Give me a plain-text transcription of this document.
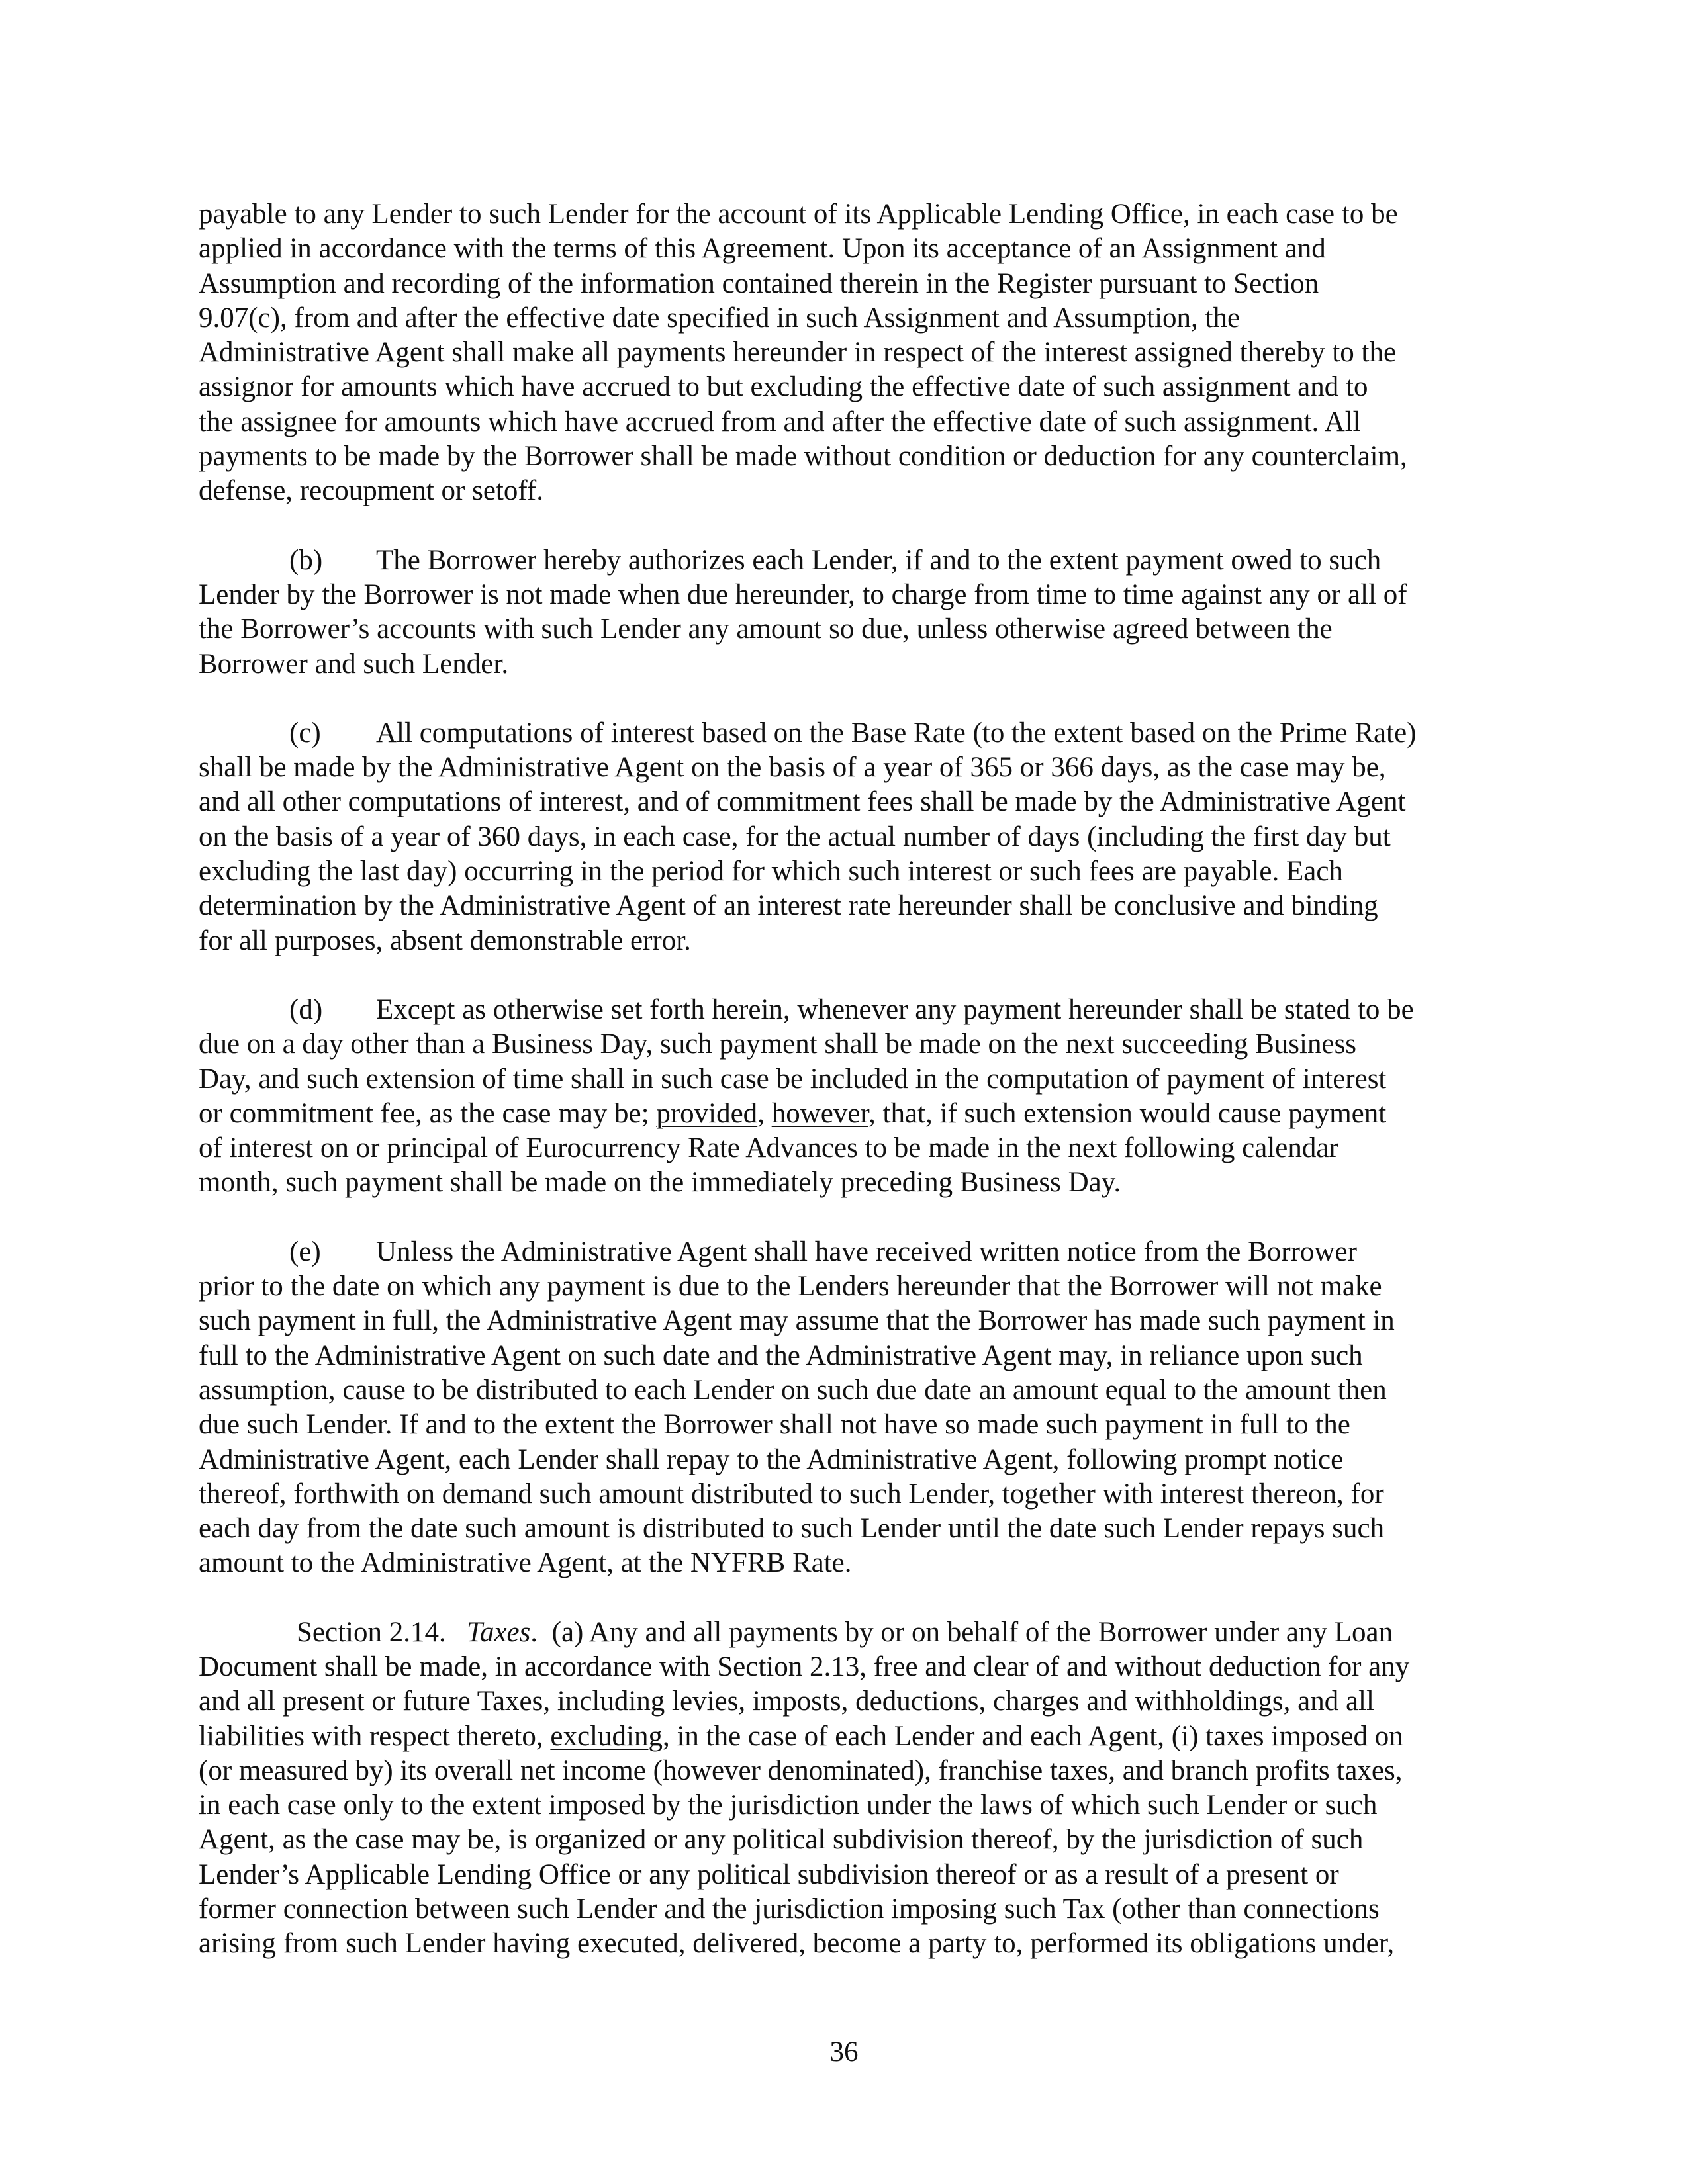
payable to any Lender to such Lender for the account of its Applicable Lending Office, in each case to be
applied in accordance with the terms of this Agreement. Upon its acceptance of an Assignment and
Assumption and recording of the information contained therein in the Register pursuant to Section
9.07(c), from and after the effective date specified in such Assignment and Assumption, the
Administrative Agent shall make all payments hereunder in respect of the interest assigned thereby to the
assignor for amounts which have accrued to but excluding the effective date of such assignment and to
the assignee for amounts which have accrued from and after the effective date of such assignment. All
payments to be made by the Borrower shall be made without condition or deduction for any counterclaim,
defense, recoupment or setoff.

(b) The Borrower hereby authorizes each Lender, if and to the extent payment owed to such
Lender by the Borrower is not made when due hereunder, to charge from time to time against any or all of
the Borrower’s accounts with such Lender any amount so due, unless otherwise agreed between the
Borrower and such Lender.

(c) All computations of interest based on the Base Rate (to the extent based on the Prime Rate)
shall be made by the Administrative Agent on the basis of a year of 365 or 366 days, as the case may be,
and all other computations of interest, and of commitment fees shall be made by the Administrative Agent
on the basis of a year of 360 days, in each case, for the actual number of days (including the first day but
excluding the last day) occurring in the period for which such interest or such fees are payable. Each
determination by the Administrative Agent of an interest rate hereunder shall be conclusive and binding
for all purposes, absent demonstrable error.

(d) Except as otherwise set forth herein, whenever any payment hereunder shall be stated to be
due on a day other than a Business Day, such payment shall be made on the next succeeding Business
Day, and such extension of time shall in such case be included in the computation of payment of interest
or commitment fee, as the case may be; provided, however, that, if such extension would cause payment
of interest on or principal of Eurocurrency Rate Advances to be made in the next following calendar
month, such payment shall be made on the immediately preceding Business Day.

(e) Unless the Administrative Agent shall have received written notice from the Borrower
prior to the date on which any payment is due to the Lenders hereunder that the Borrower will not make
such payment in full, the Administrative Agent may assume that the Borrower has made such payment in
full to the Administrative Agent on such date and the Administrative Agent may, in reliance upon such
assumption, cause to be distributed to each Lender on such due date an amount equal to the amount then
due such Lender. If and to the extent the Borrower shall not have so made such payment in full to the
Administrative Agent, each Lender shall repay to the Administrative Agent, following prompt notice
thereof, forthwith on demand such amount distributed to such Lender, together with interest thereon, for
each day from the date such amount is distributed to such Lender until the date such Lender repays such
amount to the Administrative Agent, at the NYFRB Rate.

Section 2.14. Taxes.  (a) Any and all payments by or on behalf of the Borrower under any Loan
Document shall be made, in accordance with Section 2.13, free and clear of and without deduction for any
and all present or future Taxes, including levies, imposts, deductions, charges and withholdings, and all
liabilities with respect thereto, excluding, in the case of each Lender and each Agent, (i) taxes imposed on
(or measured by) its overall net income (however denominated), franchise taxes, and branch profits taxes,
in each case only to the extent imposed by the jurisdiction under the laws of which such Lender or such
Agent, as the case may be, is organized or any political subdivision thereof, by the jurisdiction of such
Lender’s Applicable Lending Office or any political subdivision thereof or as a result of a present or
former connection between such Lender and the jurisdiction imposing such Tax (other than connections
arising from such Lender having executed, delivered, become a party to, performed its obligations under,

36
